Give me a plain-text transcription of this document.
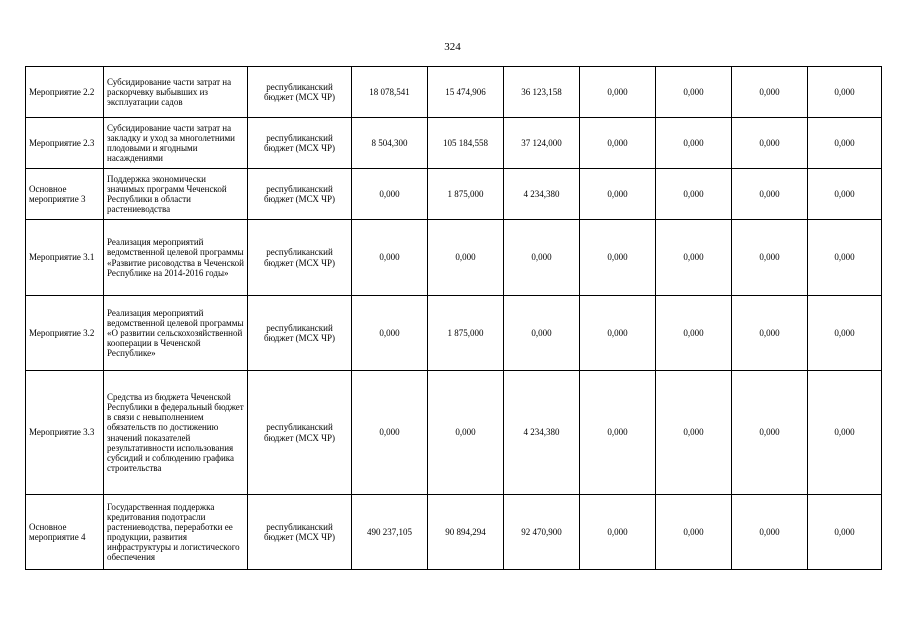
324
Мероприятие 2.2	Субсидирование части затрат на раскорчевку выбывших из эксплуатации садов	республиканский бюджет (МСХ ЧР)	18 078,541	15 474,906	36 123,158	0,000	0,000	0,000	0,000
Мероприятие 2.3	Субсидирование части затрат на закладку и уход за многолетними плодовыми и ягодными насаждениями	республиканский бюджет (МСХ ЧР)	8 504,300	105 184,558	37 124,000	0,000	0,000	0,000	0,000
Основное мероприятие 3	Поддержка экономически значимых программ Чеченской Республики в области растениеводства	республиканский бюджет (МСХ ЧР)	0,000	1 875,000	4 234,380	0,000	0,000	0,000	0,000
Мероприятие 3.1	Реализация мероприятий ведомственной целевой программы «Развитие рисоводства в Чеченской Республике на 2014-2016 годы»	республиканский бюджет (МСХ ЧР)	0,000	0,000	0,000	0,000	0,000	0,000	0,000
Мероприятие 3.2	Реализация мероприятий ведомственной целевой программы «О развитии сельскохозяйственной кооперации в Чеченской Республике»	республиканский бюджет (МСХ ЧР)	0,000	1 875,000	0,000	0,000	0,000	0,000	0,000
Мероприятие 3.3	Средства из бюджета Чеченской Республики в федеральный бюджет в связи с невыполнением обязательств по достижению значений показателей результативности использования субсидий и соблюдению графика строительства	республиканский бюджет (МСХ ЧР)	0,000	0,000	4 234,380	0,000	0,000	0,000	0,000
Основное мероприятие 4	Государственная поддержка кредитования подотрасли растениеводства, переработки ее продукции, развития инфраструктуры и логистического обеспечения	республиканский бюджет (МСХ ЧР)	490 237,105	90 894,294	92 470,900	0,000	0,000	0,000	0,000
